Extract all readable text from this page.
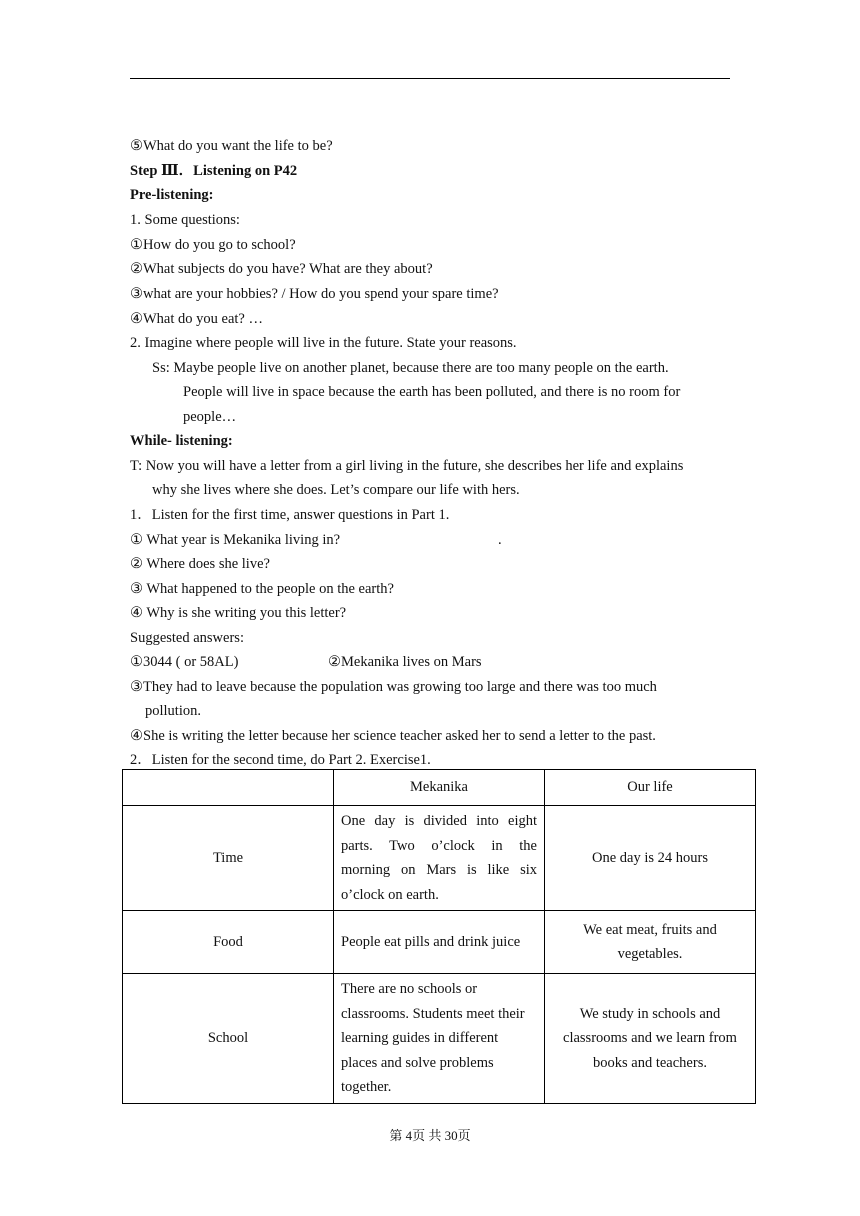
⑤What do you want the life to be?
Step Ⅲ．Listening on P42
Pre-listening:
1. Some questions:
①How do you go to school?
②What subjects do you have? What are they about?
③what are your hobbies? / How do you spend your spare time?
④What do you eat? …
2. Imagine where people will live in the future. State your reasons.
Ss: Maybe people live on another planet, because there are too many people on the earth.
People will live in space because the earth has been polluted, and there is no room for
people…
While- listening:
T: Now you will have a letter from a girl living in the future, she describes her life and explains
why she lives where she does. Let’s compare our life with hers.
1．Listen for the first time, answer questions in Part 1.
① What year is Mekanika living in?	.
② Where does she live?
③ What happened to the people on the earth?
④ Why is she writing you this letter?
Suggested answers:
①3044 ( or 58AL)	②Mekanika lives on Mars
③They had to leave because the population was growing too large and there was too much
pollution.
④She is writing the letter because her science teacher asked her to send a letter to the past.
2．Listen for the second time, do Part 2. Exercise1.
	Mekanika	Our life
Time	One day is divided into eight parts. Two o’clock in the morning on Mars is like six o’clock on earth.	One day is 24 hours
Food	People eat pills and drink juice	We eat meat, fruits and vegetables.
School	There are no schools or classrooms. Students meet their learning guides in different places and solve problems together.	We study in schools and classrooms and we learn from books and teachers.
第 4页 共 30页
